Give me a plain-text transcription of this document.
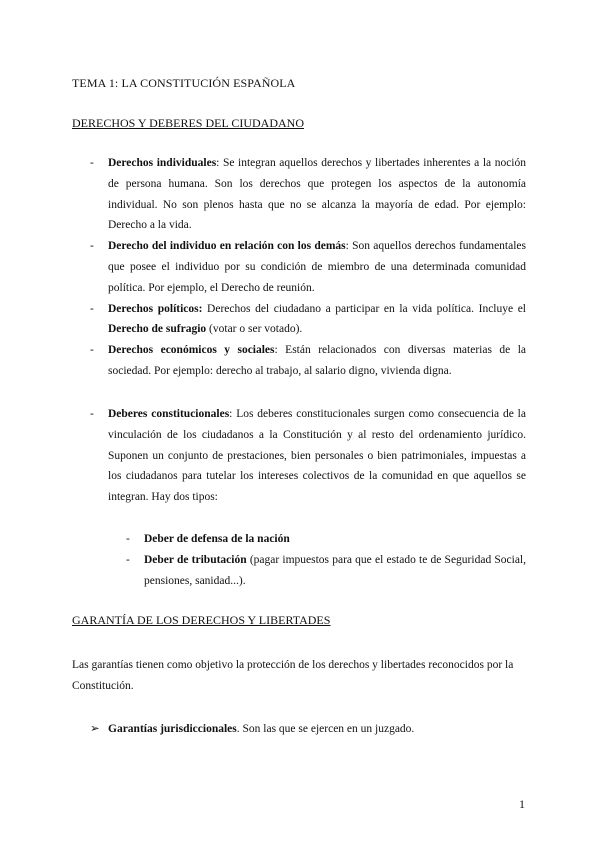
TEMA 1: LA CONSTITUCIÓN ESPAÑOLA
DERECHOS Y DEBERES DEL CIUDADANO
- Derechos individuales: Se integran aquellos derechos y libertades inherentes a la noción de persona humana. Son los derechos que protegen los aspectos de la autonomía individual. No son plenos hasta que no se alcanza la mayoría de edad. Por ejemplo: Derecho a la vida.
- Derecho del individuo en relación con los demás: Son aquellos derechos fundamentales que posee el individuo por su condición de miembro de una determinada comunidad política. Por ejemplo, el Derecho de reunión.
- Derechos políticos: Derechos del ciudadano a participar en la vida política. Incluye el Derecho de sufragio (votar o ser votado).
- Derechos económicos y sociales: Están relacionados con diversas materias de la sociedad. Por ejemplo: derecho al trabajo, al salario digno, vivienda digna.
- Deberes constitucionales: Los deberes constitucionales surgen como consecuencia de la vinculación de los ciudadanos a la Constitución y al resto del ordenamiento jurídico. Suponen un conjunto de prestaciones, bien personales o bien patrimoniales, impuestas a los ciudadanos para tutelar los intereses colectivos de la comunidad en que aquellos se integran. Hay dos tipos:
- Deber de defensa de la nación
- Deber de tributación (pagar impuestos para que el estado te de Seguridad Social, pensiones, sanidad...).
GARANTÍA DE LOS DERECHOS Y LIBERTADES
Las garantías tienen como objetivo la protección de los derechos y libertades reconocidos por la Constitución.
➢ Garantías jurisdiccionales. Son las que se ejercen en un juzgado.
1
